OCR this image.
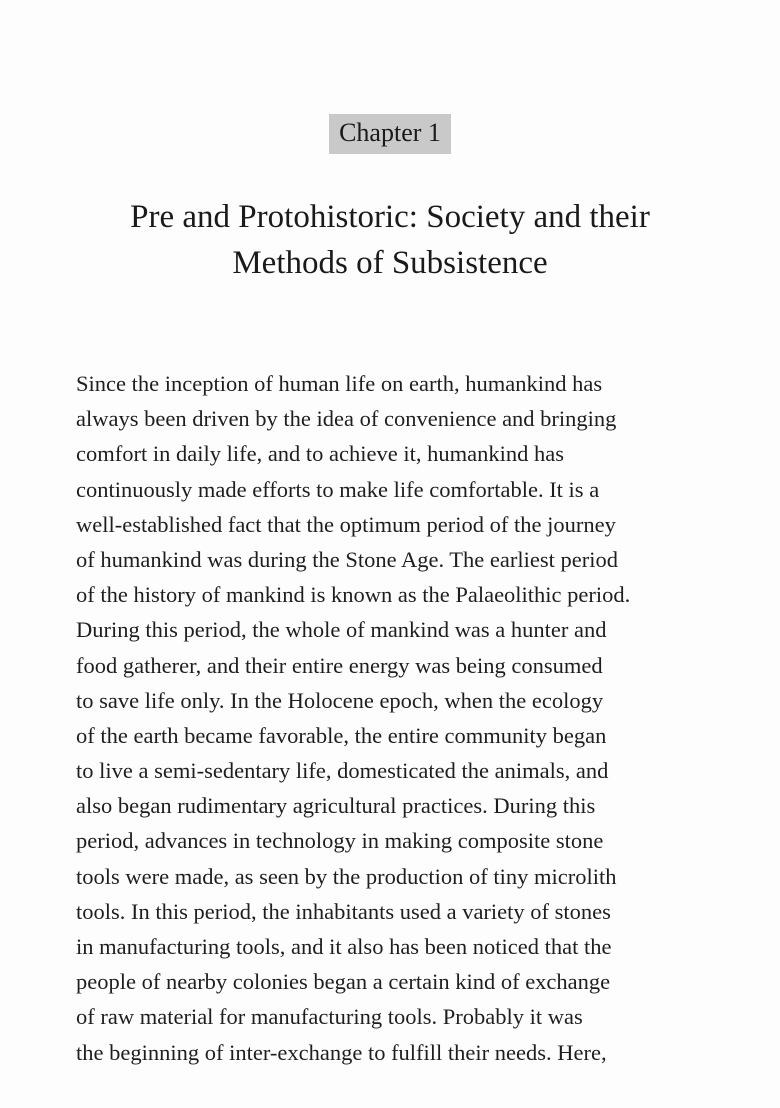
Chapter 1
Pre and Protohistoric: Society and their
Methods of Subsistence
Since the inception of human life on earth, humankind has
always been driven by the idea of convenience and bringing
comfort in daily life, and to achieve it, humankind has
continuously made efforts to make life comfortable. It is a
well-established fact that the optimum period of the journey
of humankind was during the Stone Age. The earliest period
of the history of mankind is known as the Palaeolithic period.
During this period, the whole of mankind was a hunter and
food gatherer, and their entire energy was being consumed
to save life only. In the Holocene epoch, when the ecology
of the earth became favorable, the entire community began
to live a semi-sedentary life, domesticated the animals, and
also began rudimentary agricultural practices. During this
period, advances in technology in making composite stone
tools were made, as seen by the production of tiny microlith
tools. In this period, the inhabitants used a variety of stones
in manufacturing tools, and it also has been noticed that the
people of nearby colonies began a certain kind of exchange
of raw material for manufacturing tools. Probably it was
the beginning of inter-exchange to fulfill their needs. Here,
